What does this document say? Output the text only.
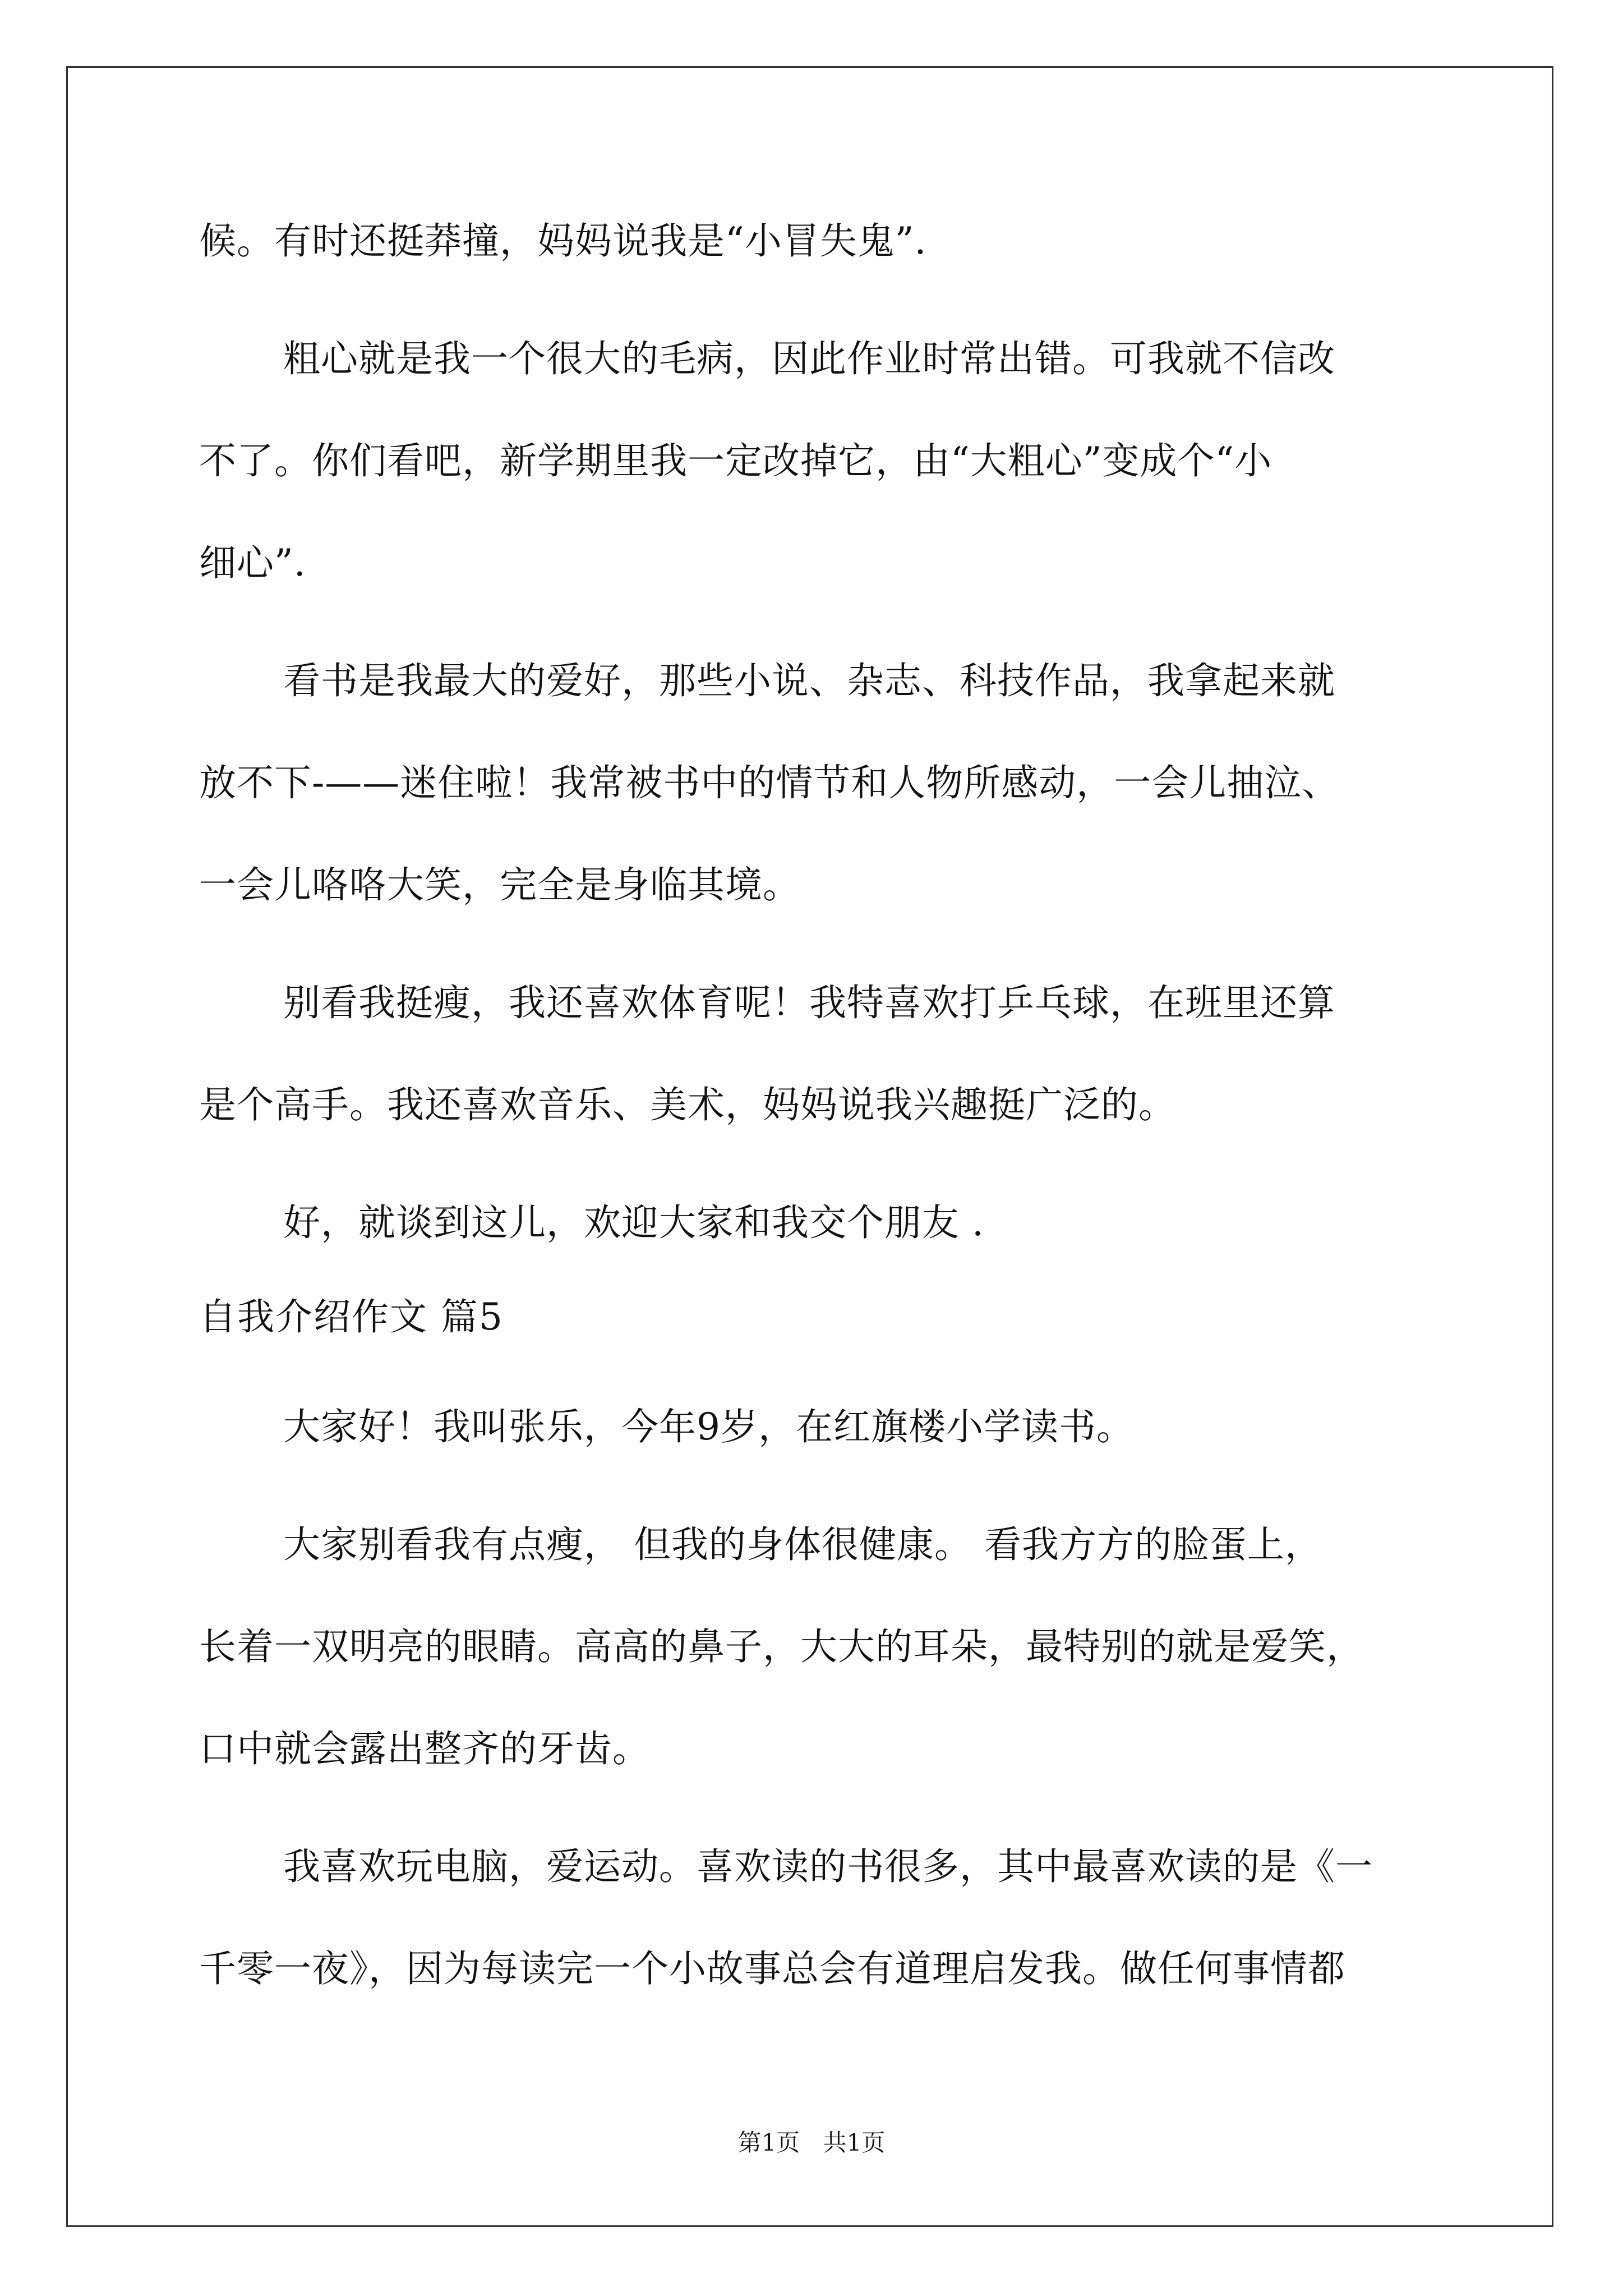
候。有时还挺莽撞，妈妈说我是“小冒失鬼”.
粗心就是我一个很大的毛病，因此作业时常出错。可我就不信改
不了。你们看吧，新学期里我一定改掉它，由“大粗心”变成个“小
细心”.
看书是我最大的爱好，那些小说、杂志、科技作品，我拿起来就
放不下-——迷住啦！我常被书中的情节和人物所感动，一会儿抽泣、
一会儿咯咯大笑，完全是身临其境。
别看我挺瘦，我还喜欢体育呢！我特喜欢打乒乓球，在班里还算
是个高手。我还喜欢音乐、美术，妈妈说我兴趣挺广泛的。
好，就谈到这儿，欢迎大家和我交个朋友 .
自我介绍作文 篇5
大家好！我叫张乐，今年9岁，在红旗楼小学读书。
大家别看我有点瘦， 但我的身体很健康。 看我方方的脸蛋上，
长着一双明亮的眼睛。高高的鼻子，大大的耳朵，最特别的就是爱笑，
口中就会露出整齐的牙齿。
我喜欢玩电脑，爱运动。喜欢读的书很多，其中最喜欢读的是《一
千零一夜》，因为每读完一个小故事总会有道理启发我。做任何事情都
第1页 共1页
